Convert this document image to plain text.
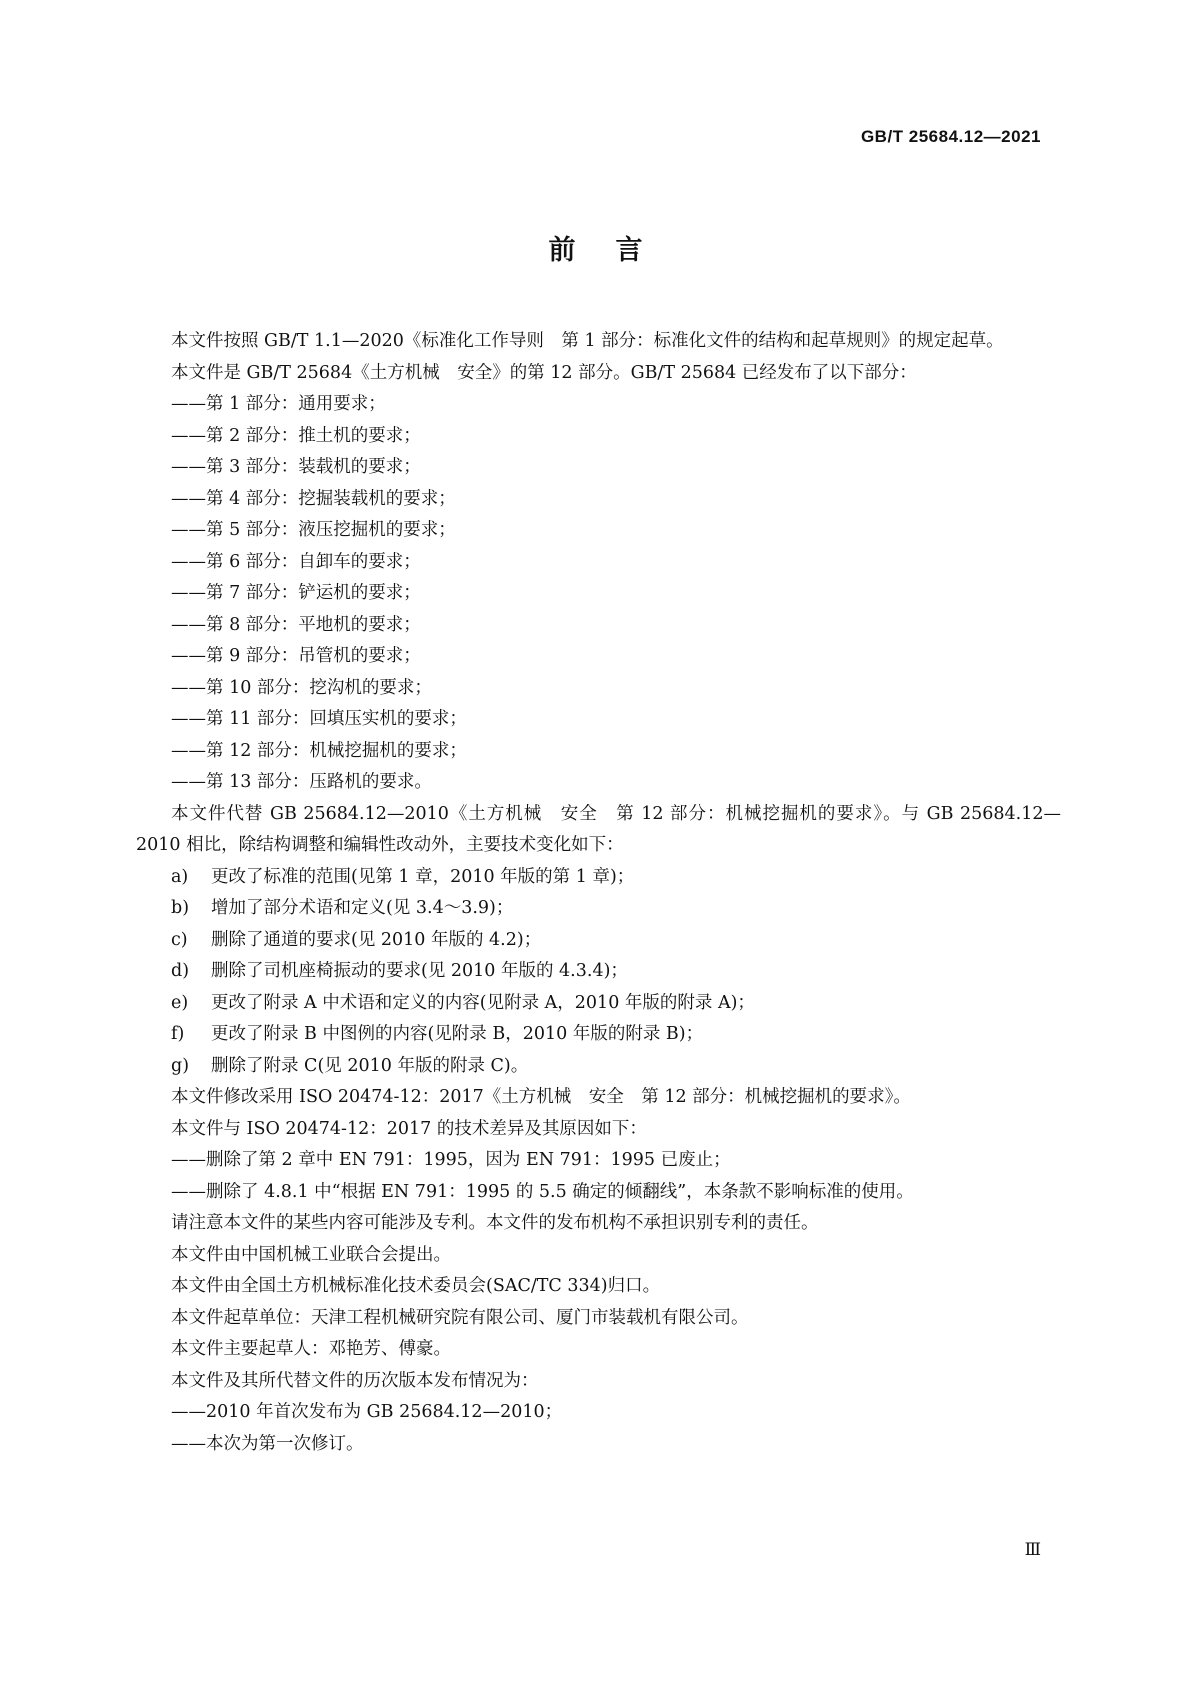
GB/T 25684.12—2021
前言

本文件按照 GB/T 1.1—2020《标准化工作导则　第 1 部分：标准化文件的结构和起草规则》的规定起草。

本文件是 GB/T 25684《土方机械　安全》的第 12 部分。GB/T 25684 已经发布了以下部分：

——第 1 部分：通用要求；

——第 2 部分：推土机的要求；

——第 3 部分：装载机的要求；

——第 4 部分：挖掘装载机的要求；

——第 5 部分：液压挖掘机的要求；

——第 6 部分：自卸车的要求；

——第 7 部分：铲运机的要求；

——第 8 部分：平地机的要求；

——第 9 部分：吊管机的要求；

——第 10 部分：挖沟机的要求；

——第 11 部分：回填压实机的要求；

——第 12 部分：机械挖掘机的要求；

——第 13 部分：压路机的要求。

本文件代替 GB 25684.12—2010《土方机械　安全　第 12 部分：机械挖掘机的要求》。与 GB 25684.12—2010 相比，除结构调整和编辑性改动外，主要技术变化如下：

a) 更改了标准的范围(见第 1 章，2010 年版的第 1 章)；

b) 增加了部分术语和定义(见 3.4～3.9)；

c) 删除了通道的要求(见 2010 年版的 4.2)；

d) 删除了司机座椅振动的要求(见 2010 年版的 4.3.4)；

e) 更改了附录 A 中术语和定义的内容(见附录 A，2010 年版的附录 A)；

f) 更改了附录 B 中图例的内容(见附录 B，2010 年版的附录 B)；

g) 删除了附录 C(见 2010 年版的附录 C)。

本文件修改采用 ISO 20474-12：2017《土方机械　安全　第 12 部分：机械挖掘机的要求》。

本文件与 ISO 20474-12：2017 的技术差异及其原因如下：

——删除了第 2 章中 EN 791：1995，因为 EN 791：1995 已废止；

——删除了 4.8.1 中“根据 EN 791：1995 的 5.5 确定的倾翻线”，本条款不影响标准的使用。

请注意本文件的某些内容可能涉及专利。本文件的发布机构不承担识别专利的责任。

本文件由中国机械工业联合会提出。

本文件由全国土方机械标准化技术委员会(SAC/TC 334)归口。

本文件起草单位：天津工程机械研究院有限公司、厦门市装载机有限公司。

本文件主要起草人：邓艳芳、傅豪。

本文件及其所代替文件的历次版本发布情况为：

——2010 年首次发布为 GB 25684.12—2010；

——本次为第一次修订。

Ⅲ
